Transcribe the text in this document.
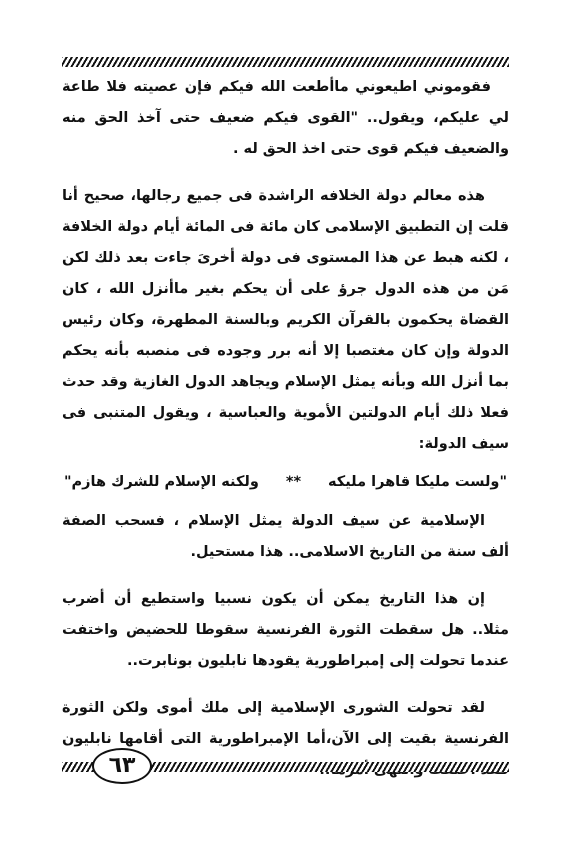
فقوموني اطيعوني ماأطعت الله فيكم فإن عصيته فلا طاعة لي عليكم، ويقول.. "القوى فيكم ضعيف حتى آخذ الحق منه والضعيف فيكم قوى حتى اخذ الحق له .

هذه معالم دولة الخلافه الراشدة فى جميع رجالها، صحيح أنا قلت إن التطبيق الإسلامى كان مائة فى المائة أيام دولة الخلافة ، لكنه هبط عن هذا المستوى فى دولة أخرىَ جاءت بعد ذلك لكن مَن من هذه الدول جرؤ على أن يحكم بغير ماأنزل الله ، كان القضاة يحكمون بالقرآن الكريم وبالسنة المطهرة، وكان رئيس الدولة وإن كان مغتصبا إلا أنه برر وجوده فى منصبه بأنه يحكم بما أنزل الله وبأنه يمثل الإسلام ويجاهد الدول الغازية وقد حدث فعلا ذلك أيام الدولتين الأموية والعباسية ، ويقول المتنبى فى سيف الدولة:

"ولست مليكا قاهرا مليكه
**
ولكنه الإسلام للشرك هازم"

الإسلامية عن سيف الدولة يمثل الإسلام ، فسحب الصفة ألف سنة من التاريخ الاسلامى.. هذا مستحيل.

إن هذا التاريخ يمكن أن يكون نسبيا واستطيع أن أضرب مثلا.. هل سقطت الثورة الفرنسية سقوطا للحضيض واختفت عندما تحولت إلى إمبراطورية يقودها نابليون بونابرت..

لقد تحولت الشورى الإسلامية إلى ملك أموى ولكن الثورة الفرنسية بقيت إلى الآن،أما الإمبراطورية التى أقامها نابليون

٦٣
